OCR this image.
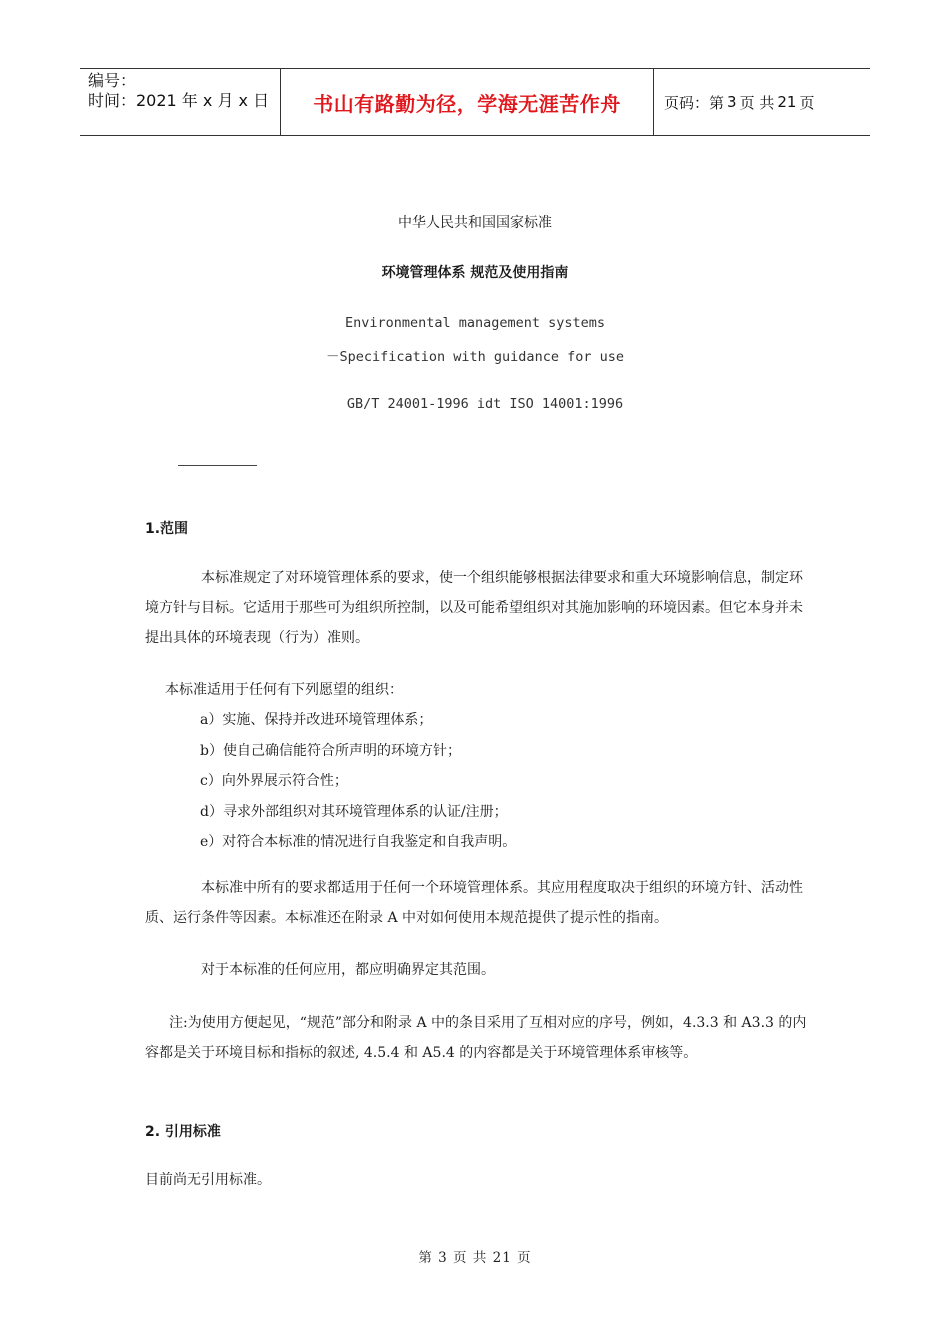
编号：
时间：2021 年 x 月 x 日	书山有路勤为径，学海无涯苦作舟	页码：第 3 页 共 21 页
中华人民共和国国家标准
环境管理体系 规范及使用指南
Environmental management systems
－Specification with guidance for use
GB/T 24001-1996 idt ISO 14001:1996
1.范围
本标准规定了对环境管理体系的要求，使一个组织能够根据法律要求和重大环境影响信息，制定环境方针与目标。它适用于那些可为组织所控制，以及可能希望组织对其施加影响的环境因素。但它本身并未提出具体的环境表现（行为）准则。
本标准适用于任何有下列愿望的组织：
a）实施、保持并改进环境管理体系；
b）使自己确信能符合所声明的环境方针；
c）向外界展示符合性；
d）寻求外部组织对其环境管理体系的认证/注册；
e）对符合本标准的情况进行自我鉴定和自我声明。
本标准中所有的要求都适用于任何一个环境管理体系。其应用程度取决于组织的环境方针、活动性质、运行条件等因素。本标准还在附录 A 中对如何使用本规范提供了提示性的指南。
对于本标准的任何应用，都应明确界定其范围。
注:为使用方便起见，“规范”部分和附录 A 中的条目采用了互相对应的序号，例如，4.3.3 和 A3.3 的内容都是关于环境目标和指标的叙述, 4.5.4 和 A5.4 的内容都是关于环境管理体系审核等。
2. 引用标准
目前尚无引用标准。
第 3 页 共 21 页
